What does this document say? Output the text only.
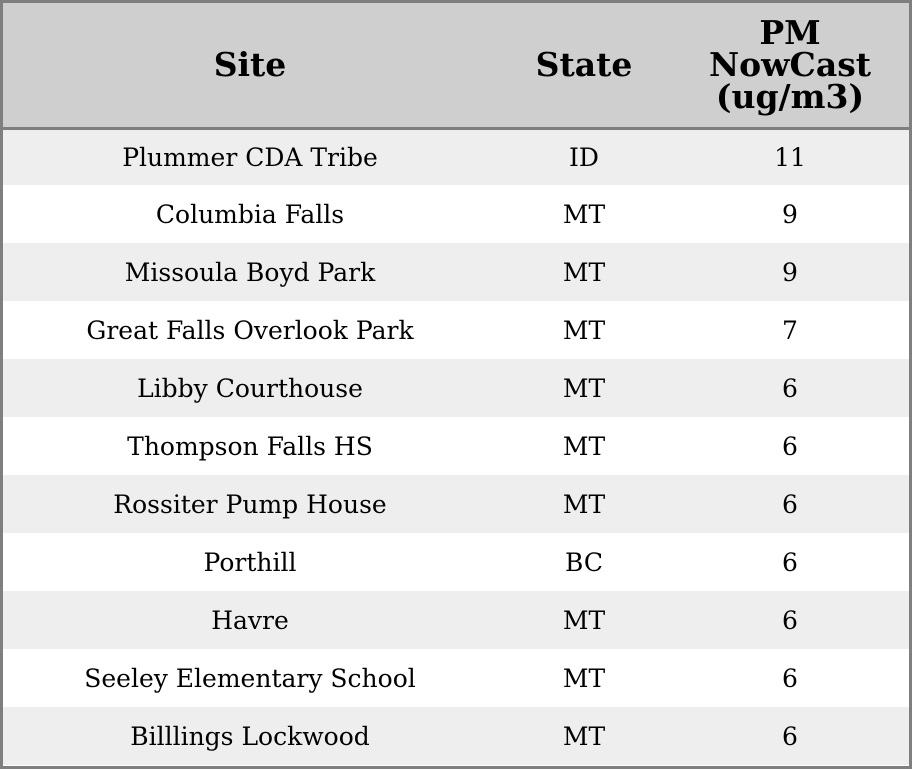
Site	State	PM
NowCast
(ug/m3)
Plummer CDA Tribe	ID	11
Columbia Falls	MT	9
Missoula Boyd Park	MT	9
Great Falls Overlook Park	MT	7
Libby Courthouse	MT	6
Thompson Falls HS	MT	6
Rossiter Pump House	MT	6
Porthill	BC	6
Havre	MT	6
Seeley Elementary School	MT	6
Billlings Lockwood	MT	6
